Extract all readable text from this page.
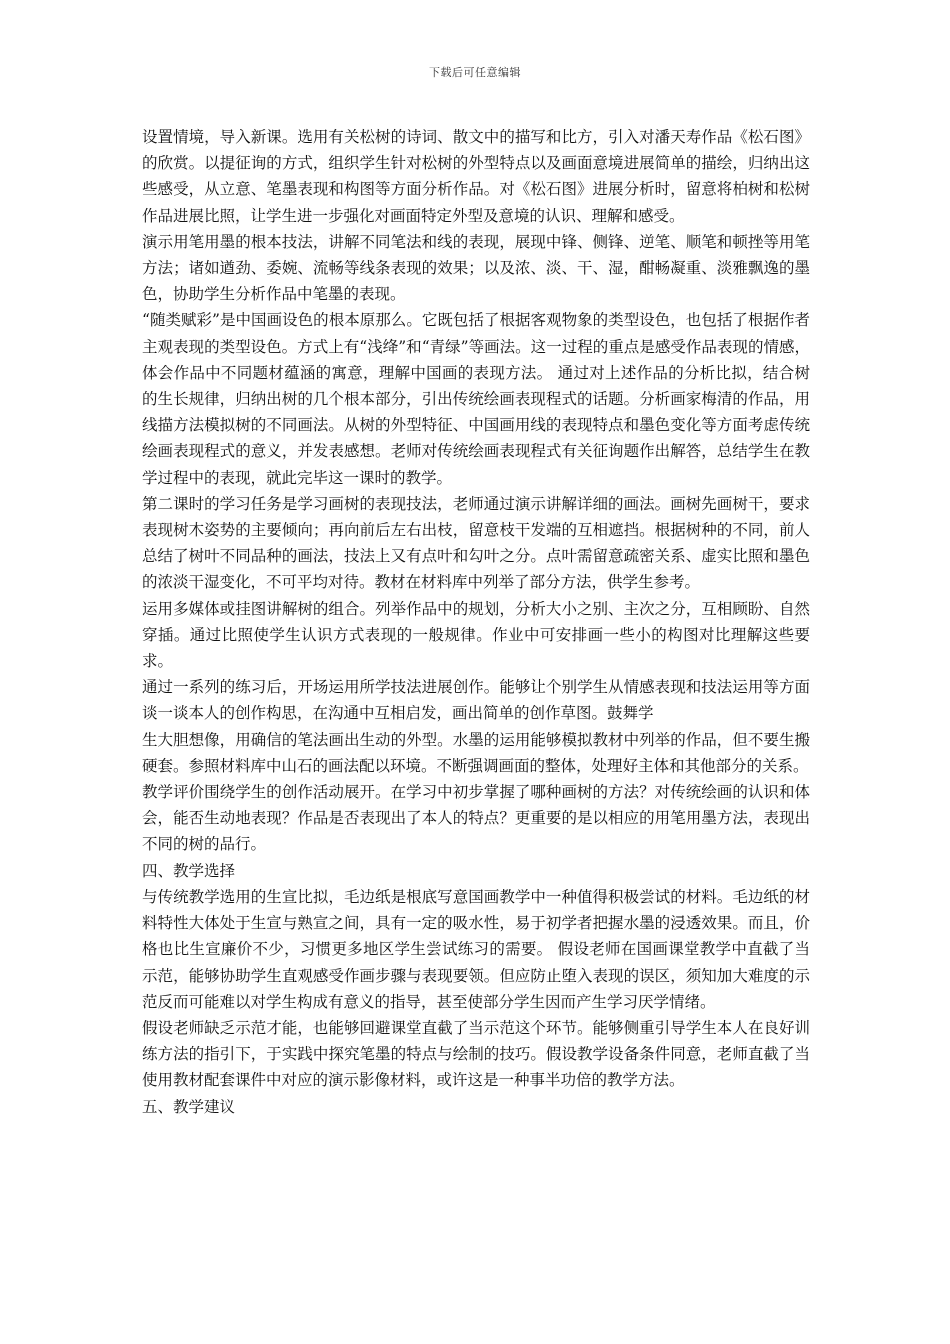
下载后可任意编辑

设置情境，导入新课。选用有关松树的诗词、散文中的描写和比方，引入对潘天寿作品《松石图》的欣赏。以提征询的方式，组织学生针对松树的外型特点以及画面意境进展简单的描绘，归纳出这些感受，从立意、笔墨表现和构图等方面分析作品。对《松石图》进展分析时，留意将柏树和松树作品进展比照，让学生进一步强化对画面特定外型及意境的认识、理解和感受。

演示用笔用墨的根本技法，讲解不同笔法和线的表现，展现中锋、侧锋、逆笔、顺笔和顿挫等用笔方法；诸如遒劲、委婉、流畅等线条表现的效果；以及浓、淡、干、湿，酣畅凝重、淡雅飘逸的墨色，协助学生分析作品中笔墨的表现。

“随类赋彩”是中国画设色的根本原那么。它既包括了根据客观物象的类型设色，也包括了根据作者主观表现的类型设色。方式上有“浅绛”和“青绿”等画法。这一过程的重点是感受作品表现的情感，体会作品中不同题材蕴涵的寓意，理解中国画的表现方法。 通过对上述作品的分析比拟，结合树的生长规律，归纳出树的几个根本部分，引出传统绘画表现程式的话题。分析画家梅清的作品，用线描方法模拟树的不同画法。从树的外型特征、中国画用线的表现特点和墨色变化等方面考虑传统绘画表现程式的意义，并发表感想。老师对传统绘画表现程式有关征询题作出解答，总结学生在教学过程中的表现，就此完毕这一课时的教学。

第二课时的学习任务是学习画树的表现技法，老师通过演示讲解详细的画法。画树先画树干，要求表现树木姿势的主要倾向；再向前后左右出枝，留意枝干发端的互相遮挡。根据树种的不同，前人总结了树叶不同品种的画法，技法上又有点叶和勾叶之分。点叶需留意疏密关系、虚实比照和墨色的浓淡干湿变化，不可平均对待。教材在材料库中列举了部分方法，供学生参考。

运用多媒体或挂图讲解树的组合。列举作品中的规划，分析大小之别、主次之分，互相顾盼、自然穿插。通过比照使学生认识方式表现的一般规律。作业中可安排画一些小的构图对比理解这些要求。

通过一系列的练习后，开场运用所学技法进展创作。能够让个别学生从情感表现和技法运用等方面谈一谈本人的创作构思，在沟通中互相启发，画出简单的创作草图。鼓舞学

生大胆想像，用确信的笔法画出生动的外型。水墨的运用能够模拟教材中列举的作品，但不要生搬硬套。参照材料库中山石的画法配以环境。不断强调画面的整体，处理好主体和其他部分的关系。

教学评价围绕学生的创作活动展开。在学习中初步掌握了哪种画树的方法？对传统绘画的认识和体会，能否生动地表现？作品是否表现出了本人的特点？更重要的是以相应的用笔用墨方法，表现出不同的树的品行。

四、教学选择

与传统教学选用的生宣比拟，毛边纸是根底写意国画教学中一种值得积极尝试的材料。毛边纸的材料特性大体处于生宣与熟宣之间，具有一定的吸水性，易于初学者把握水墨的浸透效果。而且，价格也比生宣廉价不少，习惯更多地区学生尝试练习的需要。 假设老师在国画课堂教学中直截了当示范，能够协助学生直观感受作画步骤与表现要领。但应防止堕入表现的误区，须知加大难度的示范反而可能难以对学生构成有意义的指导，甚至使部分学生因而产生学习厌学情绪。

假设老师缺乏示范才能，也能够回避课堂直截了当示范这个环节。能够侧重引导学生本人在良好训练方法的指引下，于实践中探究笔墨的特点与绘制的技巧。假设教学设备条件同意，老师直截了当使用教材配套课件中对应的演示影像材料，或许这是一种事半功倍的教学方法。

五、教学建议
